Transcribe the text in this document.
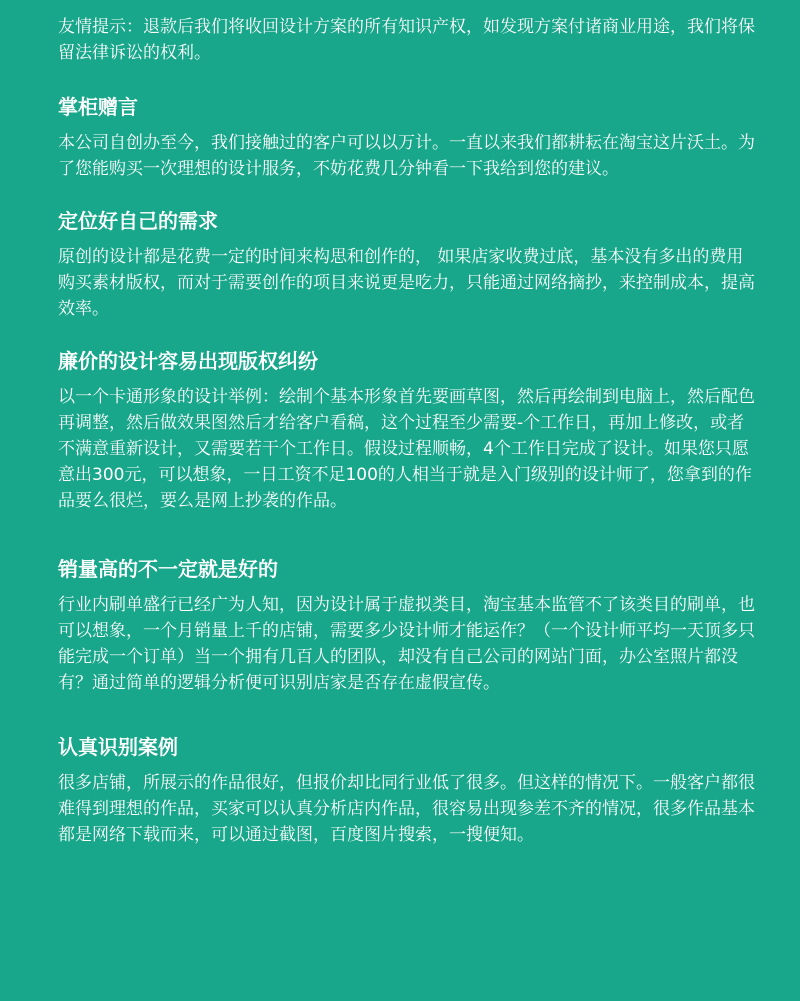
友情提示：退款后我们将收回设计方案的所有知识产权，如发现方案付诸商业用途，我们将保留法律诉讼的权利。

掌柜赠言

本公司自创办至今，我们接触过的客户可以以万计。一直以来我们都耕耘在淘宝这片沃土。为了您能购买一次理想的设计服务，不妨花费几分钟看一下我给到您的建议。

定位好自己的需求

原创的设计都是花费一定的时间来构思和创作的， 如果店家收费过底，基本没有多出的费用购买素材版权，而对于需要创作的项目来说更是吃力，只能通过网络摘抄，来控制成本，提高效率。

廉价的设计容易出现版权纠纷

以一个卡通形象的设计举例：绘制个基本形象首先要画草图，然后再绘制到电脑上，然后配色再调整，然后做效果图然后才给客户看稿，这个过程至少需要-个工作日，再加上修改，或者不满意重新设计，又需要若干个工作日。假设过程顺畅，4个工作日完成了设计。如果您只愿意出300元，可以想象，一日工资不足100的人相当于就是入门级别的设计师了，您拿到的作品要么很烂，要么是网上抄袭的作品。

销量高的不一定就是好的

行业内刷单盛行已经广为人知，因为设计属于虚拟类目，淘宝基本监管不了该类目的刷单，也可以想象，一个月销量上千的店铺，需要多少设计师才能运作？（一个设计师平均一天顶多只能完成一个订单）当一个拥有几百人的团队，却没有自己公司的网站门面，办公室照片都没有？通过简单的逻辑分析便可识别店家是否存在虚假宣传。

认真识别案例

很多店铺，所展示的作品很好，但报价却比同行业低了很多。但这样的情况下。一般客户都很难得到理想的作品，买家可以认真分析店内作品，很容易出现参差不齐的情况，很多作品基本都是网络下载而来，可以通过截图，百度图片搜索，一搜便知。
